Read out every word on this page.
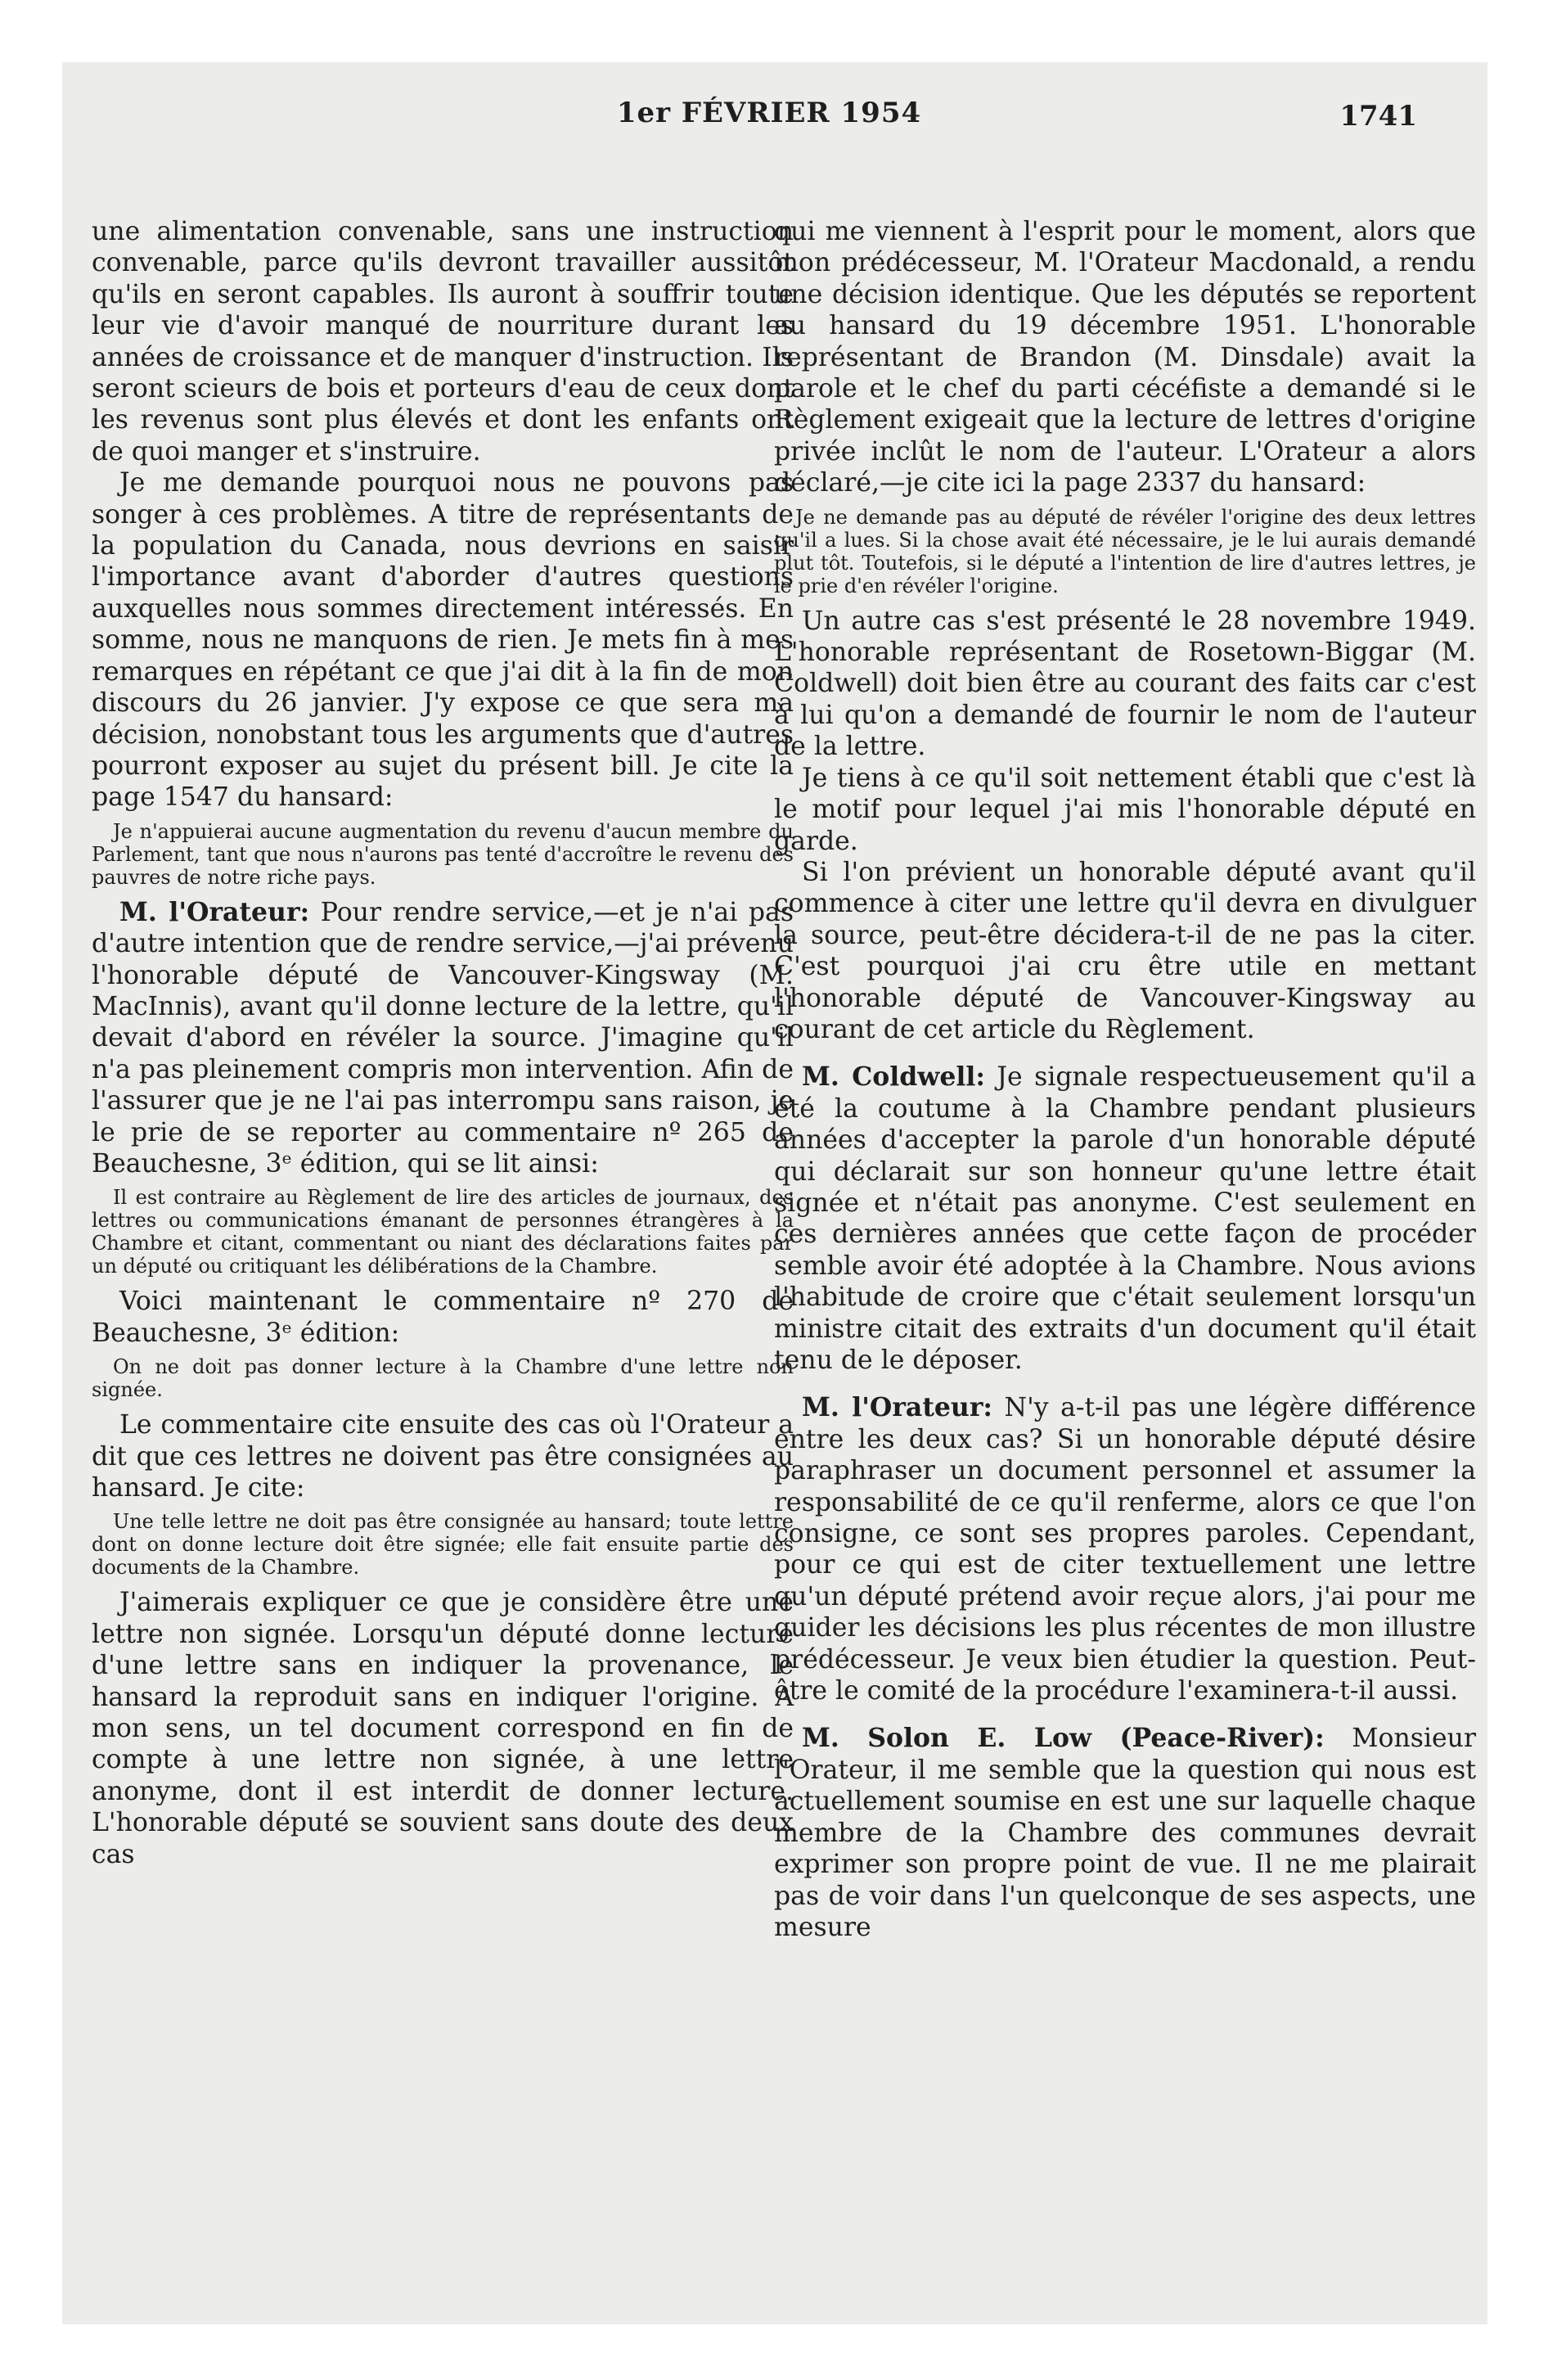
1er FÉVRIER 1954	1741

une alimentation convenable, sans une instruction convenable, parce qu'ils devront travailler aussitôt qu'ils en seront capables. Ils auront à souffrir toute leur vie d'avoir manqué de nourriture durant les années de croissance et de manquer d'instruction. Ils seront scieurs de bois et porteurs d'eau de ceux dont les revenus sont plus élevés et dont les enfants ont de quoi manger et s'instruire.

Je me demande pourquoi nous ne pouvons pas songer à ces problèmes. A titre de représentants de la population du Canada, nous devrions en saisir l'importance avant d'aborder d'autres questions auxquelles nous sommes directement intéressés. En somme, nous ne manquons de rien. Je mets fin à mes remarques en répétant ce que j'ai dit à la fin de mon discours du 26 janvier. J'y expose ce que sera ma décision, nonobstant tous les arguments que d'autres pourront exposer au sujet du présent bill. Je cite la page 1547 du hansard:

Je n'appuierai aucune augmentation du revenu d'aucun membre du Parlement, tant que nous n'aurons pas tenté d'accroître le revenu des pauvres de notre riche pays.

M. l'Orateur: Pour rendre service,—et je n'ai pas d'autre intention que de rendre service,—j'ai prévenu l'honorable député de Vancouver-Kingsway (M. MacInnis), avant qu'il donne lecture de la lettre, qu'il devait d'abord en révéler la source. J'imagine qu'il n'a pas pleinement compris mon intervention. Afin de l'assurer que je ne l'ai pas interrompu sans raison, je le prie de se reporter au commentaire nº 265 de Beauchesne, 3ᵉ édition, qui se lit ainsi:

Il est contraire au Règlement de lire des articles de journaux, des lettres ou communications émanant de personnes étrangères à la Chambre et citant, commentant ou niant des déclarations faites par un député ou critiquant les délibérations de la Chambre.

Voici maintenant le commentaire nº 270 de Beauchesne, 3ᵉ édition:

On ne doit pas donner lecture à la Chambre d'une lettre non signée.

Le commentaire cite ensuite des cas où l'Orateur a dit que ces lettres ne doivent pas être consignées au hansard. Je cite:

Une telle lettre ne doit pas être consignée au hansard; toute lettre dont on donne lecture doit être signée; elle fait ensuite partie des documents de la Chambre.

J'aimerais expliquer ce que je considère être une lettre non signée. Lorsqu'un député donne lecture d'une lettre sans en indiquer la provenance, le hansard la reproduit sans en indiquer l'origine. A mon sens, un tel document correspond en fin de compte à une lettre non signée, à une lettre anonyme, dont il est interdit de donner lecture. L'honorable député se souvient sans doute des deux cas

qui me viennent à l'esprit pour le moment, alors que mon prédécesseur, M. l'Orateur Macdonald, a rendu une décision identique. Que les députés se reportent au hansard du 19 décembre 1951. L'honorable représentant de Brandon (M. Dinsdale) avait la parole et le chef du parti cécéfiste a demandé si le Règlement exigeait que la lecture de lettres d'origine privée inclût le nom de l'auteur. L'Orateur a alors déclaré,—je cite ici la page 2337 du hansard:

Je ne demande pas au député de révéler l'origine des deux lettres qu'il a lues. Si la chose avait été nécessaire, je le lui aurais demandé plut tôt. Toutefois, si le député a l'intention de lire d'autres lettres, je le prie d'en révéler l'origine.

Un autre cas s'est présenté le 28 novembre 1949. L'honorable représentant de Rosetown-Biggar (M. Coldwell) doit bien être au courant des faits car c'est à lui qu'on a demandé de fournir le nom de l'auteur de la lettre.

Je tiens à ce qu'il soit nettement établi que c'est là le motif pour lequel j'ai mis l'honorable député en garde.

Si l'on prévient un honorable député avant qu'il commence à citer une lettre qu'il devra en divulguer la source, peut-être décidera-t-il de ne pas la citer. C'est pourquoi j'ai cru être utile en mettant l'honorable député de Vancouver-Kingsway au courant de cet article du Règlement.

M. Coldwell: Je signale respectueusement qu'il a été la coutume à la Chambre pendant plusieurs années d'accepter la parole d'un honorable député qui déclarait sur son honneur qu'une lettre était signée et n'était pas anonyme. C'est seulement en ces dernières années que cette façon de procéder semble avoir été adoptée à la Chambre. Nous avions l'habitude de croire que c'était seulement lorsqu'un ministre citait des extraits d'un document qu'il était tenu de le déposer.

M. l'Orateur: N'y a-t-il pas une légère différence entre les deux cas? Si un honorable député désire paraphraser un document personnel et assumer la responsabilité de ce qu'il renferme, alors ce que l'on consigne, ce sont ses propres paroles. Cependant, pour ce qui est de citer textuellement une lettre qu'un député prétend avoir reçue alors, j'ai pour me guider les décisions les plus récentes de mon illustre prédécesseur. Je veux bien étudier la question. Peut-être le comité de la procédure l'examinera-t-il aussi.

M. Solon E. Low (Peace-River): Monsieur l'Orateur, il me semble que la question qui nous est actuellement soumise en est une sur laquelle chaque membre de la Chambre des communes devrait exprimer son propre point de vue. Il ne me plairait pas de voir dans l'un quelconque de ses aspects, une mesure
